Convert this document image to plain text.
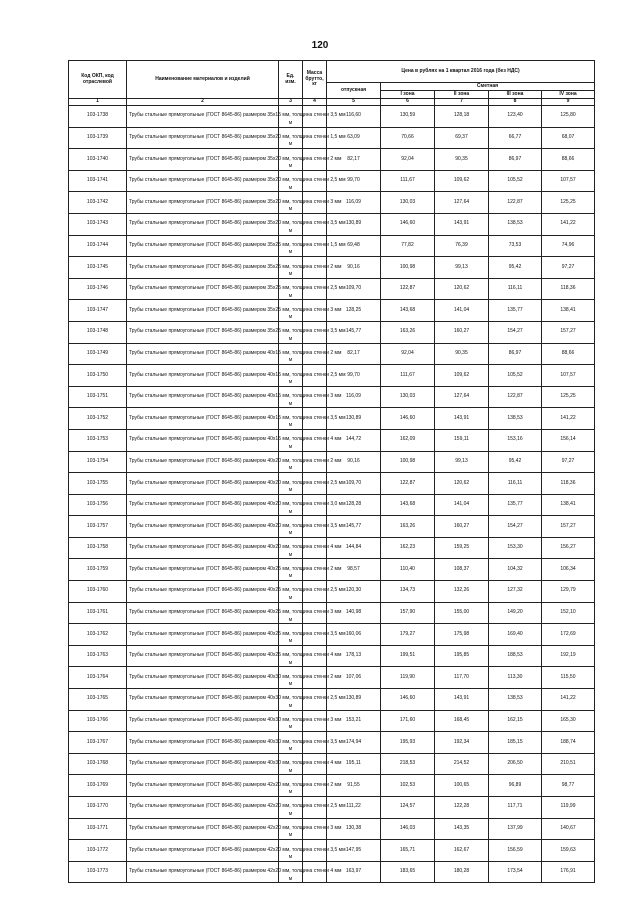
120
Код ОКП, код отраслевой	Наименование материалов и изделий	Ед. изм.	Масса брутто, кг	Цена в рублях на 1 квартал 2016 года (без НДС)				
				отпускная	Сметная			
					I зона	II зона	III зона	IV зона
1	2	3	4	5	6	7	8	9
103-1738	Трубы стальные прямоугольные (ГОСТ 8645-86) размером 35х15 мм, толщина стенки 3,5 мм	м		116,60	130,59	128,18	123,40	125,80
103-1739	Трубы стальные прямоугольные (ГОСТ 8645-86) размером 35х20 мм, толщина стенки 1,5 мм	м		63,09	70,66	69,37	66,77	68,07
103-1740	Трубы стальные прямоугольные (ГОСТ 8645-86) размером 35х20 мм, толщина стенки 2 мм	м		82,17	92,04	90,35	86,97	88,66
103-1741	Трубы стальные прямоугольные (ГОСТ 8645-86) размером 35х20 мм, толщина стенки 2,5 мм	м		99,70	111,67	109,62	105,52	107,57
103-1742	Трубы стальные прямоугольные (ГОСТ 8645-86) размером 35х20 мм, толщина стенки 3 мм	м		116,09	130,03	127,64	122,87	125,25
103-1743	Трубы стальные прямоугольные (ГОСТ 8645-86) размером 35х20 мм, толщина стенки 3,5 мм	м		130,89	146,60	143,91	138,53	141,22
103-1744	Трубы стальные прямоугольные (ГОСТ 8645-86) размером 35х25 мм, толщина стенки 1,5 мм	м		69,48	77,82	76,39	73,53	74,96
103-1745	Трубы стальные прямоугольные (ГОСТ 8645-86) размером 35х25 мм, толщина стенки 2 мм	м		90,16	100,98	99,13	95,42	97,27
103-1746	Трубы стальные прямоугольные (ГОСТ 8645-86) размером 35х25 мм, толщина стенки 2,5 мм	м		109,70	122,87	120,62	116,11	118,36
103-1747	Трубы стальные прямоугольные (ГОСТ 8645-86) размером 35х25 мм, толщина стенки 3 мм	м		128,25	143,68	141,04	135,77	138,41
103-1748	Трубы стальные прямоугольные (ГОСТ 8645-86) размером 35х25 мм, толщина стенки 3,5 мм	м		145,77	163,26	160,27	154,27	157,27
103-1749	Трубы стальные прямоугольные (ГОСТ 8645-86) размером 40х15 мм, толщина стенки 2 мм	м		82,17	92,04	90,35	86,97	88,66
103-1750	Трубы стальные прямоугольные (ГОСТ 8645-86) размером 40х15 мм, толщина стенки 2,5 мм	м		99,70	111,67	109,62	105,52	107,57
103-1751	Трубы стальные прямоугольные (ГОСТ 8645-86) размером 40х15 мм, толщина стенки 3 мм	м		116,09	130,03	127,64	122,87	125,25
103-1752	Трубы стальные прямоугольные (ГОСТ 8645-86) размером 40х15 мм, толщина стенки 3,5 мм	м		130,89	146,60	143,91	138,53	141,22
103-1753	Трубы стальные прямоугольные (ГОСТ 8645-86) размером 40х15 мм, толщина стенки 4 мм	м		144,72	162,09	159,11	153,16	156,14
103-1754	Трубы стальные прямоугольные (ГОСТ 8645-86) размером 40х20 мм, толщина стенки 2 мм	м		90,16	100,98	99,13	95,42	97,27
103-1755	Трубы стальные прямоугольные (ГОСТ 8645-86) размером 40х20 мм, толщина стенки 2,5 мм	м		109,70	122,87	120,62	116,11	118,36
103-1756	Трубы стальные прямоугольные (ГОСТ 8645-86) размером 40х20 мм, толщина стенки 3,0 мм	м		128,28	143,68	141,04	135,77	138,41
103-1757	Трубы стальные прямоугольные (ГОСТ 8645-86) размером 40х20 мм, толщина стенки 3,5 мм	м		145,77	163,26	160,27	154,27	157,27
103-1758	Трубы стальные прямоугольные (ГОСТ 8645-86) размером 40х20 мм, толщина стенки 4 мм	м		144,84	162,23	159,25	153,30	156,27
103-1759	Трубы стальные прямоугольные (ГОСТ 8645-86) размером 40х25 мм, толщина стенки 2 мм	м		98,57	110,40	108,37	104,32	106,34
103-1760	Трубы стальные прямоугольные (ГОСТ 8645-86) размером 40х25 мм, толщина стенки 2,5 мм	м		120,30	134,73	132,26	127,32	129,79
103-1761	Трубы стальные прямоугольные (ГОСТ 8645-86) размером 40х25 мм, толщина стенки 3 мм	м		140,98	157,90	155,00	149,20	152,10
103-1762	Трубы стальные прямоугольные (ГОСТ 8645-86) размером 40х25 мм, толщина стенки 3,5 мм	м		160,06	179,27	175,98	169,40	172,69
103-1763	Трубы стальные прямоугольные (ГОСТ 8645-86) размером 40х25 мм, толщина стенки 4 мм	м		178,13	199,51	195,85	188,53	192,19
103-1764	Трубы стальные прямоугольные (ГОСТ 8645-86) размером 40х30 мм, толщина стенки 2 мм	м		107,06	119,90	117,70	113,30	115,50
103-1765	Трубы стальные прямоугольные (ГОСТ 8645-86) размером 40х30 мм, толщина стенки 2,5 мм	м		130,89	146,60	143,91	138,53	141,22
103-1766	Трубы стальные прямоугольные (ГОСТ 8645-86) размером 40х30 мм, толщина стенки 3 мм	м		153,21	171,60	168,45	162,15	165,30
103-1767	Трубы стальные прямоугольные (ГОСТ 8645-86) размером 40х30 мм, толщина стенки 3,5 мм	м		174,94	195,93	192,34	185,15	188,74
103-1768	Трубы стальные прямоугольные (ГОСТ 8645-86) размером 40х30 мм, толщина стенки 4 мм	м		195,11	218,53	214,52	206,50	210,51
103-1769	Трубы стальные прямоугольные (ГОСТ 8645-86) размером 42х20 мм, толщина стенки 2 мм	м		91,55	102,53	100,65	96,89	98,77
103-1770	Трубы стальные прямоугольные (ГОСТ 8645-86) размером 42х20 мм, толщина стенки 2,5 мм	м		111,22	124,57	122,28	117,71	119,99
103-1771	Трубы стальные прямоугольные (ГОСТ 8645-86) размером 42х20 мм, толщина стенки 3 мм	м		130,38	146,03	143,35	137,99	140,67
103-1772	Трубы стальные прямоугольные (ГОСТ 8645-86) размером 42х20 мм, толщина стенки 3,5 мм	м		147,95	165,71	162,67	156,59	159,63
103-1773	Трубы стальные прямоугольные (ГОСТ 8645-86) размером 42х20 мм, толщина стенки 4 мм	м		163,97	183,65	180,28	173,54	176,91
